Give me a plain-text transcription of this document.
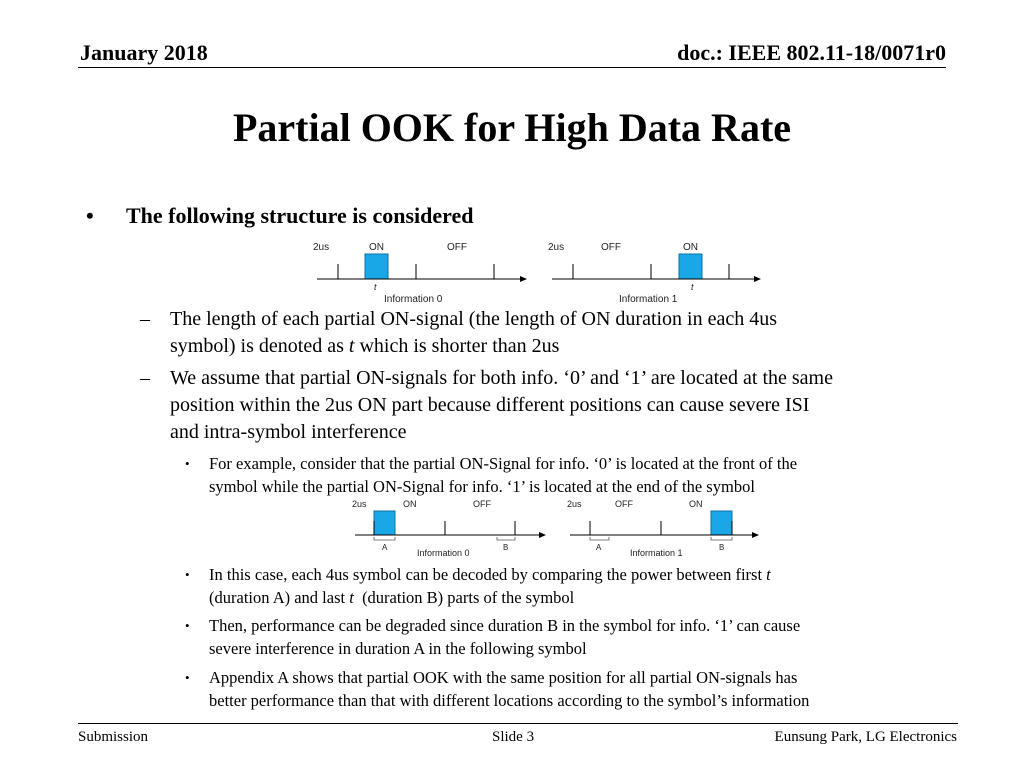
January 2018	doc.: IEEE 802.11-18/0071r0
Partial OOK for High Data Rate
• The following structure is considered
2us	ON	OFF
t
Information 0
2us	OFF	ON
t
Information 1
– The length of each partial ON-signal (the length of ON duration in each 4us
symbol) is denoted as t which is shorter than 2us
– We assume that partial ON-signals for both info. ‘0’ and ‘1’ are located at the same
position within the 2us ON part because different positions can cause severe ISI
and intra-symbol interference
• For example, consider that the partial ON-Signal for info. ‘0’ is located at the front of the
symbol while the partial ON-Signal for info. ‘1’ is located at the end of the symbol
2us	ON	OFF
A	B
Information 0
2us	OFF	ON
A	B
Information 1
• In this case, each 4us symbol can be decoded by comparing the power between first t
(duration A) and last t  (duration B) parts of the symbol
• Then, performance can be degraded since duration B in the symbol for info. ‘1’ can cause
severe interference in duration A in the following symbol
• Appendix A shows that partial OOK with the same position for all partial ON-signals has
better performance than that with different locations according to the symbol’s information
Submission	Slide 3	Eunsung Park, LG Electronics
